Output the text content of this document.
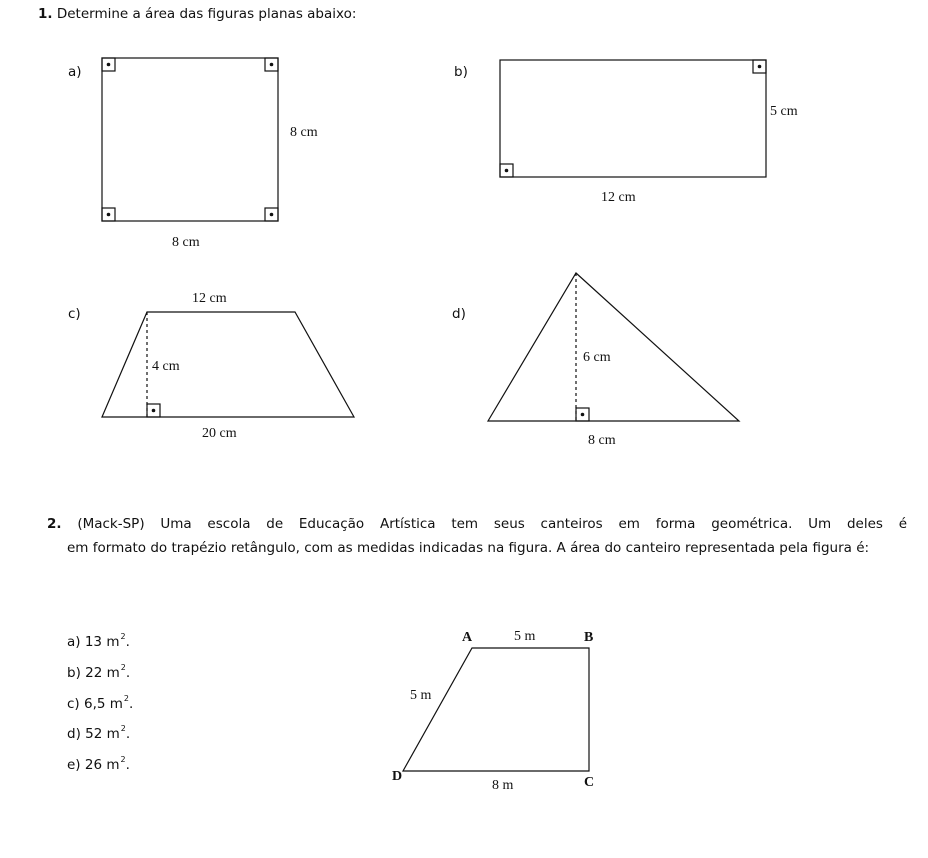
1. Determine a área das figuras planas abaixo:
a)	b)
c)	d)
8 cm
8 cm
5 cm
12 cm
12 cm
4 cm
20 cm
6 cm
8 cm
A	B
C
D
5 m
5 m
8 m
2. (Mack-SP) Uma escola de Educação Artística tem seus canteiros em forma geométrica. Um deles é
em formato do trapézio retângulo, com as medidas indicadas na figura. A área do canteiro representada pela figura é:
a) 13 $m^2$.
b) 22 $m^2$.
c) 6,5 $m^2$.
d) 52 $m^2$.
e) 26 $m^2$.
